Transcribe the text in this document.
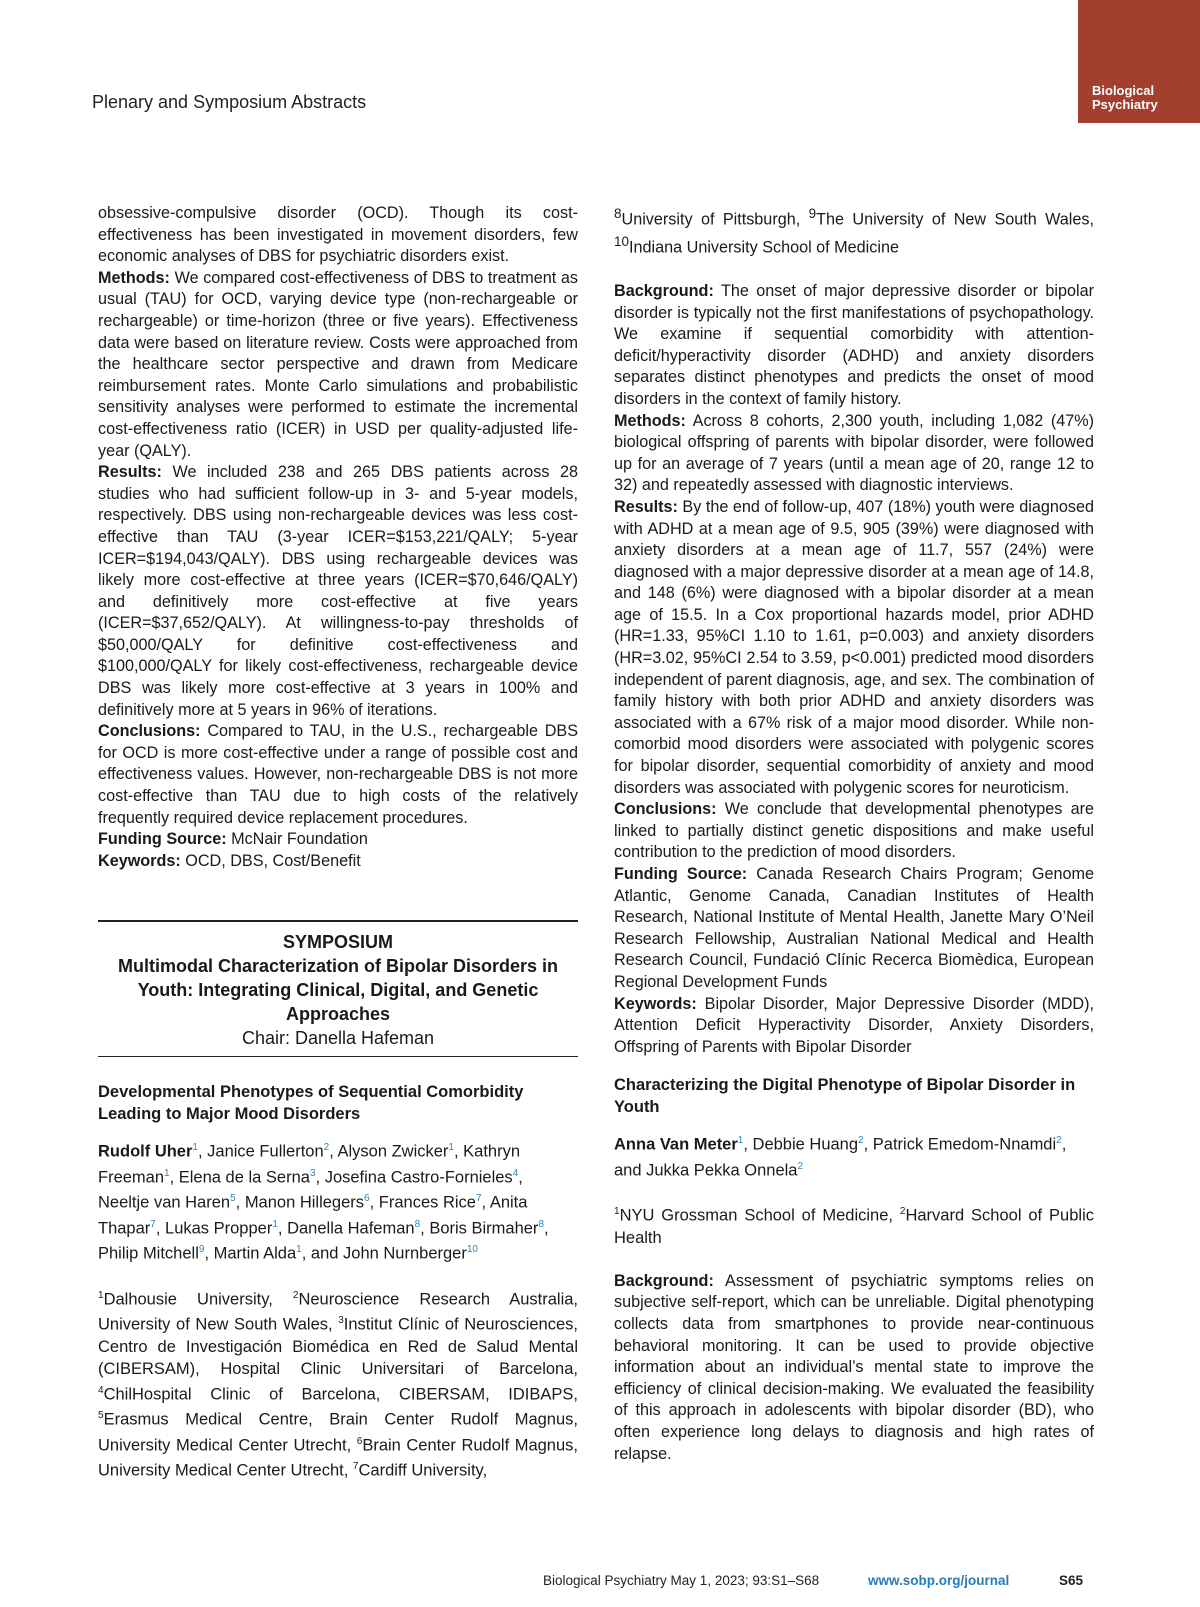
Plenary and Symposium Abstracts
Biological
Psychiatry

obsessive-compulsive disorder (OCD). Though its cost-effectiveness has been investigated in movement disorders, few economic analyses of DBS for psychiatric disorders exist.

Methods: We compared cost-effectiveness of DBS to treatment as usual (TAU) for OCD, varying device type (non-rechargeable or rechargeable) or time-horizon (three or five years). Effectiveness data were based on literature review. Costs were approached from the healthcare sector perspective and drawn from Medicare reimbursement rates. Monte Carlo simulations and probabilistic sensitivity analyses were performed to estimate the incremental cost-effectiveness ratio (ICER) in USD per quality-adjusted life-year (QALY).

Results: We included 238 and 265 DBS patients across 28 studies who had sufficient follow-up in 3- and 5-year models, respectively. DBS using non-rechargeable devices was less cost-effective than TAU (3-year ICER=$153,221/QALY; 5-year ICER=$194,043/QALY). DBS using rechargeable devices was likely more cost-effective at three years (ICER=$70,646/QALY) and definitively more cost-effective at five years (ICER=$37,652/QALY). At willingness-to-pay thresholds of $50,000/QALY for definitive cost-effectiveness and $100,000/QALY for likely cost-effectiveness, rechargeable device DBS was likely more cost-effective at 3 years in 100% and definitively more at 5 years in 96% of iterations.

Conclusions: Compared to TAU, in the U.S., rechargeable DBS for OCD is more cost-effective under a range of possible cost and effectiveness values. However, non-rechargeable DBS is not more cost-effective than TAU due to high costs of the relatively frequently required device replacement procedures.

Funding Source: McNair Foundation

Keywords: OCD, DBS, Cost/Benefit

SYMPOSIUM
Multimodal Characterization of Bipolar Disorders in Youth: Integrating Clinical, Digital, and Genetic Approaches
Chair: Danella Hafeman
Developmental Phenotypes of Sequential Comorbidity Leading to Major Mood Disorders

Rudolf Uher$^1$, Janice Fullerton$^2$, Alyson Zwicker$^1$, Kathryn Freeman$^1$, Elena de la Serna$^3$, Josefina Castro-Fornieles$^4$, Neeltje van Haren$^5$, Manon Hillegers$^6$, Frances Rice$^7$, Anita Thapar$^7$, Lukas Propper$^1$, Danella Hafeman$^8$, Boris Birmaher$^8$, Philip Mitchell$^9$, Martin Alda$^1$, and John Nurnberger$^{10}$

$^1$Dalhousie University, $^2$Neuroscience Research Australia, University of New South Wales, $^3$Institut Clínic of Neurosciences, Centro de Investigación Biomédica en Red de Salud Mental (CIBERSAM), Hospital Clinic Universitari of Barcelona, $^4$ChilHospital Clinic of Barcelona, CIBERSAM, IDIBAPS, $^5$Erasmus Medical Centre, Brain Center Rudolf Magnus, University Medical Center Utrecht, $^6$Brain Center Rudolf Magnus, University Medical Center Utrecht, $^7$Cardiff University,

$^8$University of Pittsburgh, $^9$The University of New South Wales, $^{10}$Indiana University School of Medicine

Background: The onset of major depressive disorder or bipolar disorder is typically not the first manifestations of psychopathology. We examine if sequential comorbidity with attention-deficit/hyperactivity disorder (ADHD) and anxiety disorders separates distinct phenotypes and predicts the onset of mood disorders in the context of family history.

Methods: Across 8 cohorts, 2,300 youth, including 1,082 (47%) biological offspring of parents with bipolar disorder, were followed up for an average of 7 years (until a mean age of 20, range 12 to 32) and repeatedly assessed with diagnostic interviews.

Results: By the end of follow-up, 407 (18%) youth were diagnosed with ADHD at a mean age of 9.5, 905 (39%) were diagnosed with anxiety disorders at a mean age of 11.7, 557 (24%) were diagnosed with a major depressive disorder at a mean age of 14.8, and 148 (6%) were diagnosed with a bipolar disorder at a mean age of 15.5. In a Cox proportional hazards model, prior ADHD (HR=1.33, 95%CI 1.10 to 1.61, p=0.003) and anxiety disorders (HR=3.02, 95%CI 2.54 to 3.59, p<0.001) predicted mood disorders independent of parent diagnosis, age, and sex. The combination of family history with both prior ADHD and anxiety disorders was associated with a 67% risk of a major mood disorder. While non-comorbid mood disorders were associated with polygenic scores for bipolar disorder, sequential comorbidity of anxiety and mood disorders was associated with polygenic scores for neuroticism.

Conclusions: We conclude that developmental phenotypes are linked to partially distinct genetic dispositions and make useful contribution to the prediction of mood disorders.

Funding Source: Canada Research Chairs Program; Genome Atlantic, Genome Canada, Canadian Institutes of Health Research, National Institute of Mental Health, Janette Mary O’Neil Research Fellowship, Australian National Medical and Health Research Council, Fundació Clínic Recerca Biomèdica, European Regional Development Funds

Keywords: Bipolar Disorder, Major Depressive Disorder (MDD), Attention Deficit Hyperactivity Disorder, Anxiety Disorders, Offspring of Parents with Bipolar Disorder

Characterizing the Digital Phenotype of Bipolar Disorder in Youth

Anna Van Meter$^1$, Debbie Huang$^2$, Patrick Emedom-Nnamdi$^2$, and Jukka Pekka Onnela$^2$

$^1$NYU Grossman School of Medicine, $^2$Harvard School of Public Health

Background: Assessment of psychiatric symptoms relies on subjective self-report, which can be unreliable. Digital phenotyping collects data from smartphones to provide near-continuous behavioral monitoring. It can be used to provide objective information about an individual’s mental state to improve the efficiency of clinical decision-making. We evaluated the feasibility of this approach in adolescents with bipolar disorder (BD), who often experience long delays to diagnosis and high rates of relapse.

Biological Psychiatry May 1, 2023; 93:S1–S68	www.sobp.org/journal	S65
